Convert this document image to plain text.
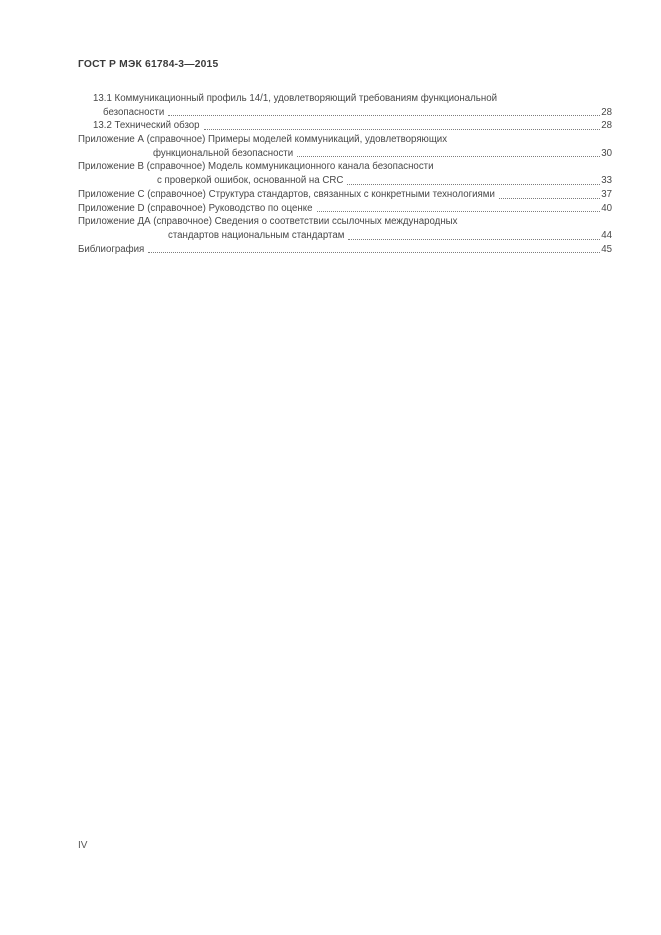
ГОСТ Р МЭК 61784-3—2015
13.1 Коммуникационный профиль 14/1, удовлетворяющий требованиям функциональной
безопасности	28
13.2 Технический обзор	28
Приложение А (справочное) Примеры моделей коммуникаций, удовлетворяющих
функциональной безопасности	30
Приложение В (справочное) Модель коммуникационного канала безопасности
с проверкой ошибок, основанной на CRC	33
Приложение С (справочное) Структура стандартов, связанных с конкретными технологиями	37
Приложение D (справочное) Руководство по оценке	40
Приложение ДА (справочное) Сведения о соответствии ссылочных международных
стандартов национальным стандартам	44
Библиография	45
IV
